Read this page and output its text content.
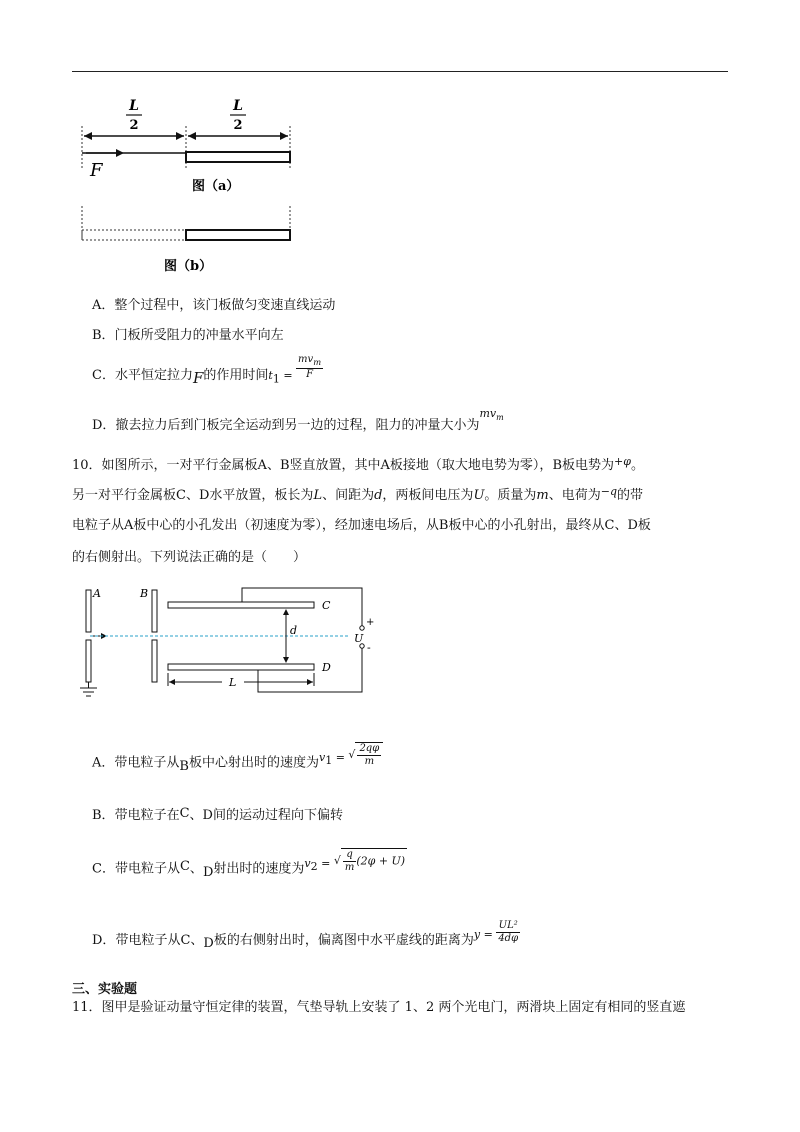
L
2
L
2
F
图（a）
图（b）
A．整个过程中，该门板做匀变速直线运动
B．门板所受阻力的冲量水平向左
C．水平恒定拉力F的作用时间$t_1 = \frac{mv_m}{F}$
D．撤去拉力后到门板完全运动到另一边的过程，阻力的冲量大小为$^{mv_m}$
10．如图所示，一对平行金属板A、B竖直放置，其中A板接地（取大地电势为零），B板电势为$^{+\varphi}$。
另一对平行金属板C、D水平放置，板长为L、间距为d，两板间电压为U。质量为m、电荷为$^{-q}$的带
电粒子从A板中心的小孔发出（初速度为零），经加速电场后，从B板中心的小孔射出，最终从C、D板
的右侧射出。下列说法正确的是（　　）
A	B
C
D
+
U
-
d
L
A．带电粒子从B板中心射出时的速度为$^v_1$ = √ $\frac{2q\varphi}{m}$
B．带电粒子在C、D间的运动过程向下偏转
C．带电粒子从C、D射出时的速度为$^v_2$ = √ $\frac{q}{m} (2\varphi + U)$
D．带电粒子从C、D板的右侧射出时，偏离图中水平虚线的距离为$^y$ $^= \frac{\text{UL²}}{4d\varphi}$
三、实验题
11．图甲是验证动量守恒定律的装置，气垫导轨上安装了 1、2 两个光电门，两滑块上固定有相同的竖直遮
